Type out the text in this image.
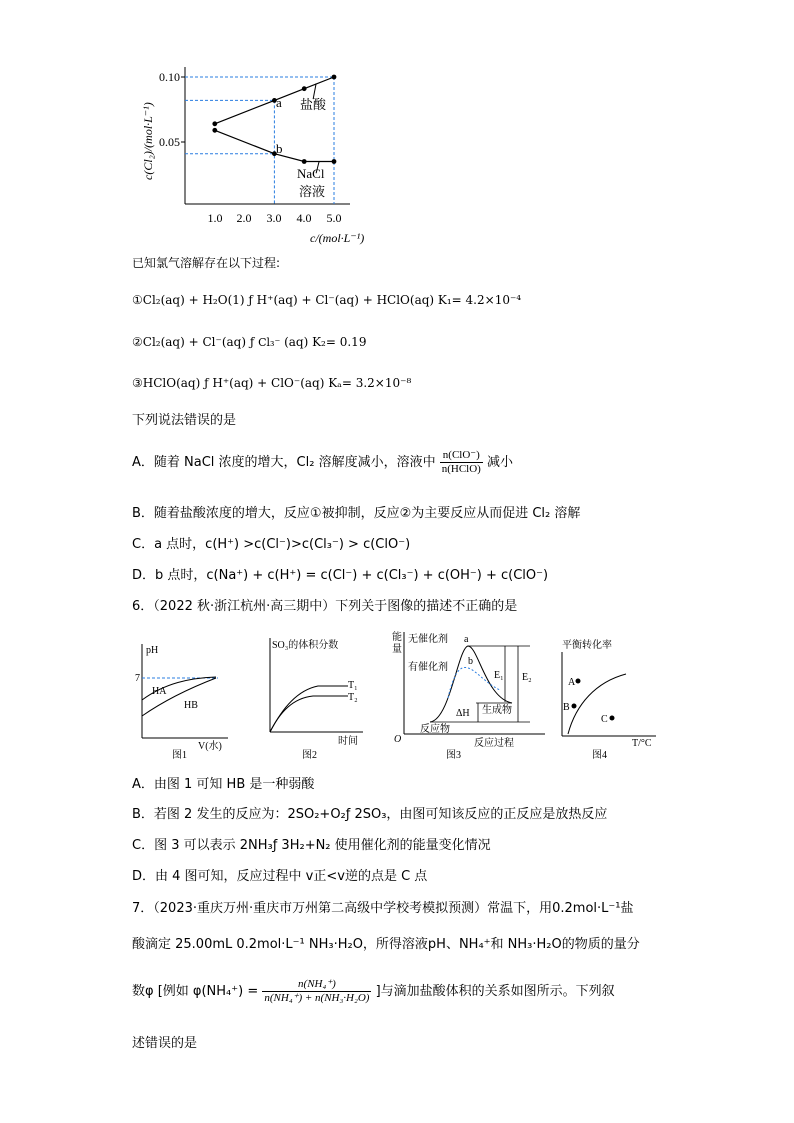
0.10
0.05
1.0 2.0 3.0 4.0 5.0
c/(mol·L⁻¹)
c(Cl₂)/(mol·L⁻¹)	a
b
盐酸
NaCl
溶液
已知氯气溶解存在以下过程:
①Cl₂(aq) + H₂O(1) ƒ H⁺(aq) + Cl⁻(aq) + HClO(aq) K₁= 4.2×10⁻⁴
②Cl₂(aq) + Cl⁻(aq) ƒ Cl₃⁻ (aq) K₂= 0.19
③HClO(aq) ƒ H⁺(aq) + ClO⁻(aq) Kₐ= 3.2×10⁻⁸
下列说法错误的是
A．随着 NaCl 浓度的增大，Cl₂ 溶解度减小，溶液中 $\frac{\text{n(ClO⁻)}}{\text{n(HClO)}}$ 减小
B．随着盐酸浓度的增大，反应①被抑制，反应②为主要反应从而促进 Cl₂ 溶解
C．a 点时，c(H⁺) >c(Cl⁻)>c(Cl₃⁻) > c(ClO⁻)
D．b 点时，c(Na⁺) + c(H⁺) = c(Cl⁻) + c(Cl₃⁻) + c(OH⁻) + c(ClO⁻)
6．（2022 秋·浙江杭州·高三期中）下列关于图像的描述不正确的是
pH
7
HA
HB
V(水)
图1
SO₃的体积分数
T₁
T₂
时间
图2
能
量
无催化剂
有催化剂
a
b
E₁ E₂
ΔH 生成物
反应物
O	反应过程
图3
平衡转化率
A
B
C
T/°C
图4
A．由图 1 可知 HB 是一种弱酸
B．若图 2 发生的反应为：2SO₂+O₂ƒ 2SO₃，由图可知该反应的正反应是放热反应
C．图 3 可以表示 2NH₃ƒ 3H₂+N₂ 使用催化剂的能量变化情况
D．由 4 图可知，反应过程中 v正<v逆的点是 C 点
7．（2023·重庆万州·重庆市万州第二高级中学校考模拟预测）常温下，用0.2mol·L⁻¹盐
酸滴定 25.00mL 0.2mol·L⁻¹ NH₃·H₂O，所得溶液pH、NH₄⁺和 NH₃·H₂O的物质的量分
数φ [例如 $\varphi(NH_4^+) = \frac{\text{n(NH₄⁺)}}{\text{n(NH₄⁺) + n(NH₃·H₂O)}}$ ]与滴加盐酸体积的关系如图所示。下列叙
述错误的是
